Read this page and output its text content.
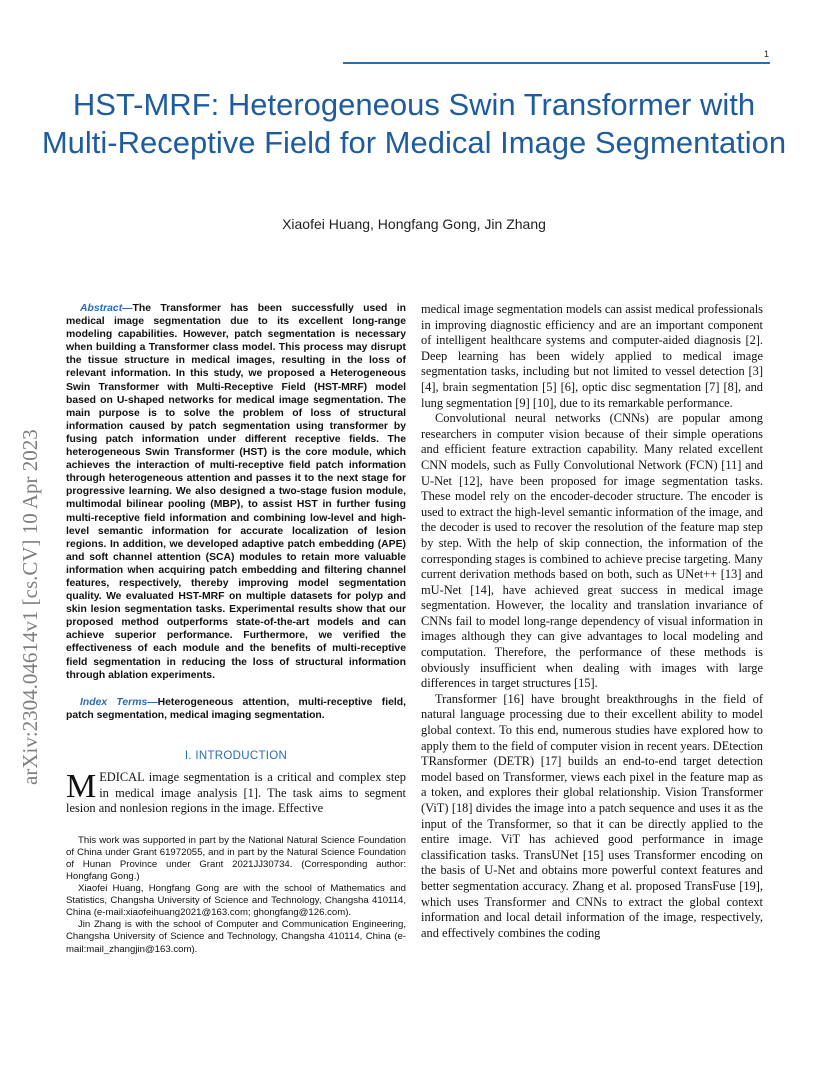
1
arXiv:2304.04614v1 [cs.CV] 10 Apr 2023
HST-MRF: Heterogeneous Swin Transformer with Multi-Receptive Field for Medical Image Segmentation
Xiaofei Huang, Hongfang Gong, Jin Zhang

Abstract—The Transformer has been successfully used in medical image segmentation due to its excellent long-range modeling capabilities. However, patch segmentation is necessary when building a Transformer class model. This process may disrupt the tissue structure in medical images, resulting in the loss of relevant information. In this study, we proposed a Heterogeneous Swin Transformer with Multi-Receptive Field (HST-MRF) model based on U-shaped networks for medical image segmentation. The main purpose is to solve the problem of loss of structural information caused by patch segmentation using transformer by fusing patch information under different receptive fields. The heterogeneous Swin Transformer (HST) is the core module, which achieves the interaction of multi-receptive field patch information through heterogeneous attention and passes it to the next stage for progressive learning. We also designed a two-stage fusion module, multimodal bilinear pooling (MBP), to assist HST in further fusing multi-receptive field information and combining low-level and high-level semantic information for accurate localization of lesion regions. In addition, we developed adaptive patch embedding (APE) and soft channel attention (SCA) modules to retain more valuable information when acquiring patch embedding and filtering channel features, respectively, thereby improving model segmentation quality. We evaluated HST-MRF on multiple datasets for polyp and skin lesion segmentation tasks. Experimental results show that our proposed method outperforms state-of-the-art models and can achieve superior performance. Furthermore, we verified the effectiveness of each module and the benefits of multi-receptive field segmentation in reducing the loss of structural information through ablation experiments.

Index Terms—Heterogeneous attention, multi-receptive field, patch segmentation, medical imaging segmentation.

I. INTRODUCTION

MEDICAL image segmentation is a critical and complex step in medical image analysis [1]. The task aims to segment lesion and nonlesion regions in the image. Effective

This work was supported in part by the National Natural Science Foundation of China under Grant 61972055, and in part by the Natural Science Foundation of Hunan Province under Grant 2021JJ30734. (Corresponding author: Hongfang Gong.)

Xiaofei Huang, Hongfang Gong are with the school of Mathematics and Statistics, Changsha University of Science and Technology, Changsha 410114, China (e-mail:xiaofeihuang2021@163.com; ghongfang@126.com).

Jin Zhang is with the school of Computer and Communication Engineering, Changsha University of Science and Technology, Changsha 410114, China (e-mail:mail_zhangjin@163.com).

medical image segmentation models can assist medical professionals in improving diagnostic efficiency and are an important component of intelligent healthcare systems and computer-aided diagnosis [2]. Deep learning has been widely applied to medical image segmentation tasks, including but not limited to vessel detection [3] [4], brain segmentation [5] [6], optic disc segmentation [7] [8], and lung segmentation [9] [10], due to its remarkable performance.

Convolutional neural networks (CNNs) are popular among researchers in computer vision because of their simple operations and efficient feature extraction capability. Many related excellent CNN models, such as Fully Convolutional Network (FCN) [11] and U-Net [12], have been proposed for image segmentation tasks. These model rely on the encoder-decoder structure. The encoder is used to extract the high-level semantic information of the image, and the decoder is used to recover the resolution of the feature map step by step. With the help of skip connection, the information of the corresponding stages is combined to achieve precise targeting. Many current derivation methods based on both, such as UNet++ [13] and mU-Net [14], have achieved great success in medical image segmentation. However, the locality and translation invariance of CNNs fail to model long-range dependency of visual information in images although they can give advantages to local modeling and computation. Therefore, the performance of these methods is obviously insufficient when dealing with images with large differences in target structures [15].

Transformer [16] have brought breakthroughs in the field of natural language processing due to their excellent ability to model global context. To this end, numerous studies have explored how to apply them to the field of computer vision in recent years. DEtection TRansformer (DETR) [17] builds an end-to-end target detection model based on Transformer, views each pixel in the feature map as a token, and explores their global relationship. Vision Transformer (ViT) [18] divides the image into a patch sequence and uses it as the input of the Transformer, so that it can be directly applied to the entire image. ViT has achieved good performance in image classification tasks. TransUNet [15] uses Transformer encoding on the basis of U-Net and obtains more powerful context features and better segmentation accuracy. Zhang et al. proposed TransFuse [19], which uses Transformer and CNNs to extract the global context information and local detail information of the image, respectively, and effectively combines the coding
